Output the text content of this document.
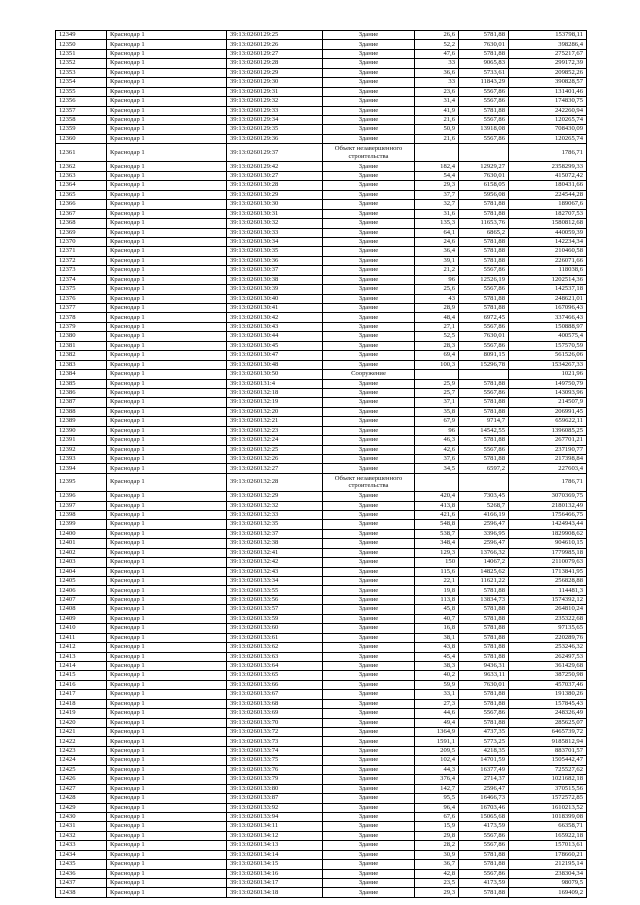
12349	Краснодар 1	39:13:0260129:25	Здание	26,6	5781,88	153798,11
12350	Краснодар 1	39:13:0260129:26	Здание	52,2	7630,01	398286,4
12351	Краснодар 1	39:13:0260129:27	Здание	47,6	5781,88	275217,67
12352	Краснодар 1	39:13:0260129:28	Здание	33	9065,83	299172,39
12353	Краснодар 1	39:13:0260129:29	Здание	36,6	5733,61	209852,26
12354	Краснодар 1	39:13:0260129:30	Здание	33	11843,29	390828,57
12355	Краснодар 1	39:13:0260129:31	Здание	23,6	5567,86	131401,46
12356	Краснодар 1	39:13:0260129:32	Здание	31,4	5567,86	174830,75
12357	Краснодар 1	39:13:0260129:33	Здание	41,9	5781,88	242260,94
12358	Краснодар 1	39:13:0260129:34	Здание	21,6	5567,86	120265,74
12359	Краснодар 1	39:13:0260129:35	Здание	50,9	13918,08	708430,09
12360	Краснодар 1	39:13:0260129:36	Здание	21,6	5567,86	120265,74
12361	Краснодар 1	39:13:0260129:37	Объект незавершенного строительства			1786,71
12362	Краснодар 1	39:13:0260129:42	Здание	182,4	12929,27	2358299,33
12363	Краснодар 1	39:13:0260130:27	Здание	54,4	7630,01	415072,42
12364	Краснодар 1	39:13:0260130:28	Здание	29,3	6158,05	180431,66
12365	Краснодар 1	39:13:0260130:29	Здание	37,7	5956,08	224544,28
12366	Краснодар 1	39:13:0260130:30	Здание	32,7	5781,88	189067,6
12367	Краснодар 1	39:13:0260130:31	Здание	31,6	5781,88	182707,53
12368	Краснодар 1	39:13:0260130:32	Здание	135,3	11653,76	1580812,68
12369	Краснодар 1	39:13:0260130:33	Здание	64,1	6865,2	440059,39
12370	Краснодар 1	39:13:0260130:34	Здание	24,6	5781,88	142234,34
12371	Краснодар 1	39:13:0260130:35	Здание	36,4	5781,88	210460,58
12372	Краснодар 1	39:13:0260130:36	Здание	39,1	5781,88	226071,66
12373	Краснодар 1	39:13:0260130:37	Здание	21,2	5567,86	118038,6
12374	Краснодар 1	39:13:0260130:38	Здание	96	12526,19	1202514,36
12375	Краснодар 1	39:13:0260130:39	Здание	25,6	5567,86	142537,18
12376	Краснодар 1	39:13:0260130:40	Здание	43	5781,88	248621,01
12377	Краснодар 1	39:13:0260130:41	Здание	28,9	5781,88	167096,43
12378	Краснодар 1	39:13:0260130:42	Здание	48,4	6972,45	337466,43
12379	Краснодар 1	39:13:0260130:43	Здание	27,1	5567,86	150888,97
12380	Краснодар 1	39:13:0260130:44	Здание	52,5	7630,01	400575,4
12381	Краснодар 1	39:13:0260130:45	Здание	28,3	5567,86	157570,59
12382	Краснодар 1	39:13:0260130:47	Здание	69,4	8091,15	561526,06
12383	Краснодар 1	39:13:0260130:48	Здание	100,3	15296,78	1534267,33
12384	Краснодар 1	39:13:0260130:50	Сооружение			1021,96
12385	Краснодар 1	39:13:0260131:4	Здание	25,9	5781,88	149750,79
12386	Краснодар 1	39:13:0260132:18	Здание	25,7	5567,86	143093,96
12387	Краснодар 1	39:13:0260132:19	Здание	37,1	5781,88	214507,9
12388	Краснодар 1	39:13:0260132:20	Здание	35,8	5781,88	206991,45
12389	Краснодар 1	39:13:0260132:21	Здание	67,9	9714,7	659622,11
12390	Краснодар 1	39:13:0260132:23	Здание	96	14542,55	1396085,25
12391	Краснодар 1	39:13:0260132:24	Здание	46,3	5781,88	267701,21
12392	Краснодар 1	39:13:0260132:25	Здание	42,6	5567,86	237190,77
12393	Краснодар 1	39:13:0260132:26	Здание	37,6	5781,88	217398,84
12394	Краснодар 1	39:13:0260132:27	Здание	34,5	6597,2	227603,4
12395	Краснодар 1	39:13:0260132:28	Объект незавершенного строительства			1786,71
12396	Краснодар 1	39:13:0260132:29	Здание	420,4	7303,45	3070369,75
12397	Краснодар 1	39:13:0260132:32	Здание	413,8	5268,7	2180132,49
12398	Краснодар 1	39:13:0260132:33	Здание	421,6	4166,19	1756466,75
12399	Краснодар 1	39:13:0260132:35	Здание	548,8	2596,47	1424943,44
12400	Краснодар 1	39:13:0260132:37	Здание	538,7	3396,95	1829908,62
12401	Краснодар 1	39:13:0260132:38	Здание	348,4	2596,47	904610,15
12402	Краснодар 1	39:13:0260132:41	Здание	129,3	13766,32	1779985,18
12403	Краснодар 1	39:13:0260132:42	Здание	150	14067,2	2110079,63
12404	Краснодар 1	39:13:0260132:43	Здание	115,6	14825,62	1713841,95
12405	Краснодар 1	39:13:0260133:34	Здание	22,1	11621,22	256828,88
12406	Краснодар 1	39:13:0260133:55	Здание	19,8	5781,88	114481,3
12407	Краснодар 1	39:13:0260133:56	Здание	113,8	13834,73	1574392,12
12408	Краснодар 1	39:13:0260133:57	Здание	45,8	5781,88	264810,24
12409	Краснодар 1	39:13:0260133:59	Здание	40,7	5781,88	235322,68
12410	Краснодар 1	39:13:0260133:60	Здание	16,8	5781,88	97135,65
12411	Краснодар 1	39:13:0260133:61	Здание	38,1	5781,88	220289,76
12412	Краснодар 1	39:13:0260133:62	Здание	43,8	5781,88	253246,32
12413	Краснодар 1	39:13:0260133:63	Здание	45,4	5781,88	262497,53
12414	Краснодар 1	39:13:0260133:64	Здание	38,3	9436,31	361429,68
12415	Краснодар 1	39:13:0260133:65	Здание	40,2	9633,11	387250,98
12416	Краснодар 1	39:13:0260133:66	Здание	59,9	7630,01	457037,46
12417	Краснодар 1	39:13:0260133:67	Здание	33,1	5781,88	191380,26
12418	Краснодар 1	39:13:0260133:68	Здание	27,3	5781,88	157845,43
12419	Краснодар 1	39:13:0260133:69	Здание	44,6	5567,86	248326,49
12420	Краснодар 1	39:13:0260133:70	Здание	49,4	5781,88	285625,07
12421	Краснодар 1	39:13:0260133:72	Здание	1364,9	4737,35	6465739,72
12422	Краснодар 1	39:13:0260133:73	Здание	1591,1	5773,25	9185812,94
12423	Краснодар 1	39:13:0260133:74	Здание	209,5	4218,35	883701,57
12424	Краснодар 1	39:13:0260133:75	Здание	102,4	14701,59	1505442,47
12425	Краснодар 1	39:13:0260133:76	Здание	44,3	16377,49	725527,62
12426	Краснодар 1	39:13:0260133:79	Здание	376,4	2714,37	1021682,18
12427	Краснодар 1	39:13:0260133:80	Здание	142,7	2596,47	370515,56
12428	Краснодар 1	39:13:0260133:87	Здание	95,5	16466,73	1572572,85
12429	Краснодар 1	39:13:0260133:92	Здание	96,4	16703,46	1610213,52
12430	Краснодар 1	39:13:0260133:94	Здание	67,6	15065,68	1018399,08
12431	Краснодар 1	39:13:0260134:11	Здание	15,9	4173,59	66358,71
12432	Краснодар 1	39:13:0260134:12	Здание	29,8	5567,86	165922,18
12433	Краснодар 1	39:13:0260134:13	Здание	28,2	5567,86	157013,61
12434	Краснодар 1	39:13:0260134:14	Здание	30,9	5781,88	178660,21
12435	Краснодар 1	39:13:0260134:15	Здание	36,7	5781,88	212195,14
12436	Краснодар 1	39:13:0260134:16	Здание	42,8	5567,86	238304,34
12437	Краснодар 1	39:13:0260134:17	Здание	23,5	4173,59	98079,5
12438	Краснодар 1	39:13:0260134:18	Здание	29,3	5781,88	169409,2
